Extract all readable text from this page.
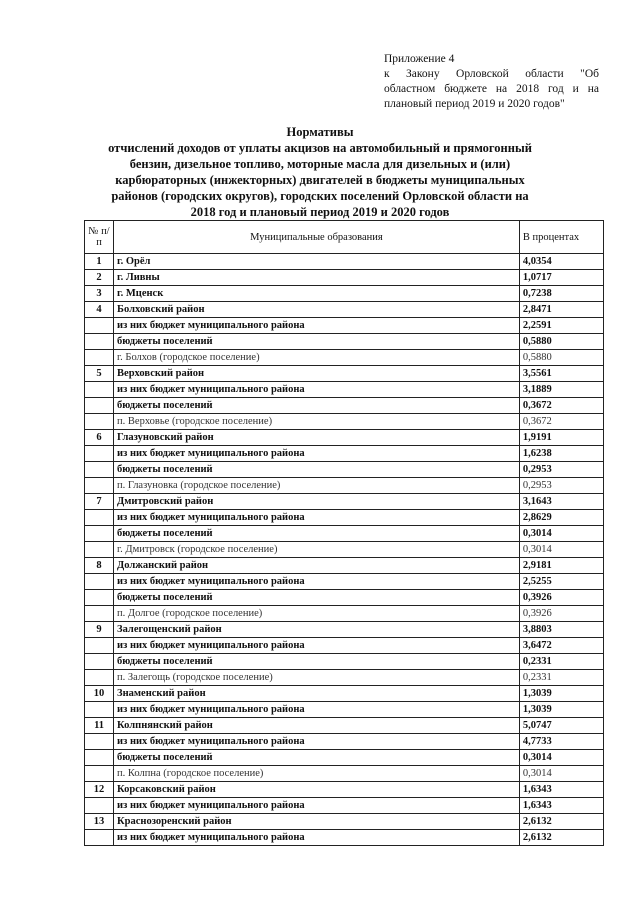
Приложение 4
к Закону Орловской области "Об
областном бюджете на 2018 год и на
плановый период 2019 и 2020 годов"
Нормативы
отчислений доходов от уплаты акцизов на автомобильный и прямогонный
бензин, дизельное топливо, моторные масла для дизельных и (или)
карбюраторных (инжекторных) двигателей в бюджеты муниципальных
районов (городских округов), городских поселений Орловской области на
2018 год и плановый период 2019 и 2020 годов
№ п/п	Муниципальные образования	В процентах
1	г. Орёл	4,0354
2	г. Ливны	1,0717
3	г. Мценск	0,7238
4	Болховский район	2,8471
	из них бюджет муниципального района	2,2591
	бюджеты поселений	0,5880
	г. Болхов (городское поселение)	0,5880
5	Верховский район	3,5561
	из них бюджет муниципального района	3,1889
	бюджеты поселений	0,3672
	п. Верховье (городское поселение)	0,3672
6	Глазуновский район	1,9191
	из них бюджет муниципального района	1,6238
	бюджеты поселений	0,2953
	п. Глазуновка (городское поселение)	0,2953
7	Дмитровский район	3,1643
	из них бюджет муниципального района	2,8629
	бюджеты поселений	0,3014
	г. Дмитровск (городское поселение)	0,3014
8	Должанский район	2,9181
	из них бюджет муниципального района	2,5255
	бюджеты поселений	0,3926
	п. Долгое (городское поселение)	0,3926
9	Залегощенский район	3,8803
	из них бюджет муниципального района	3,6472
	бюджеты поселений	0,2331
	п. Залегощь (городское поселение)	0,2331
10	Знаменский район	1,3039
	из них бюджет муниципального района	1,3039
11	Колпнянский район	5,0747
	из них бюджет муниципального района	4,7733
	бюджеты поселений	0,3014
	п. Колпна (городское поселение)	0,3014
12	Корсаковский район	1,6343
	из них бюджет муниципального района	1,6343
13	Краснозоренский район	2,6132
	из них бюджет муниципального района	2,6132
